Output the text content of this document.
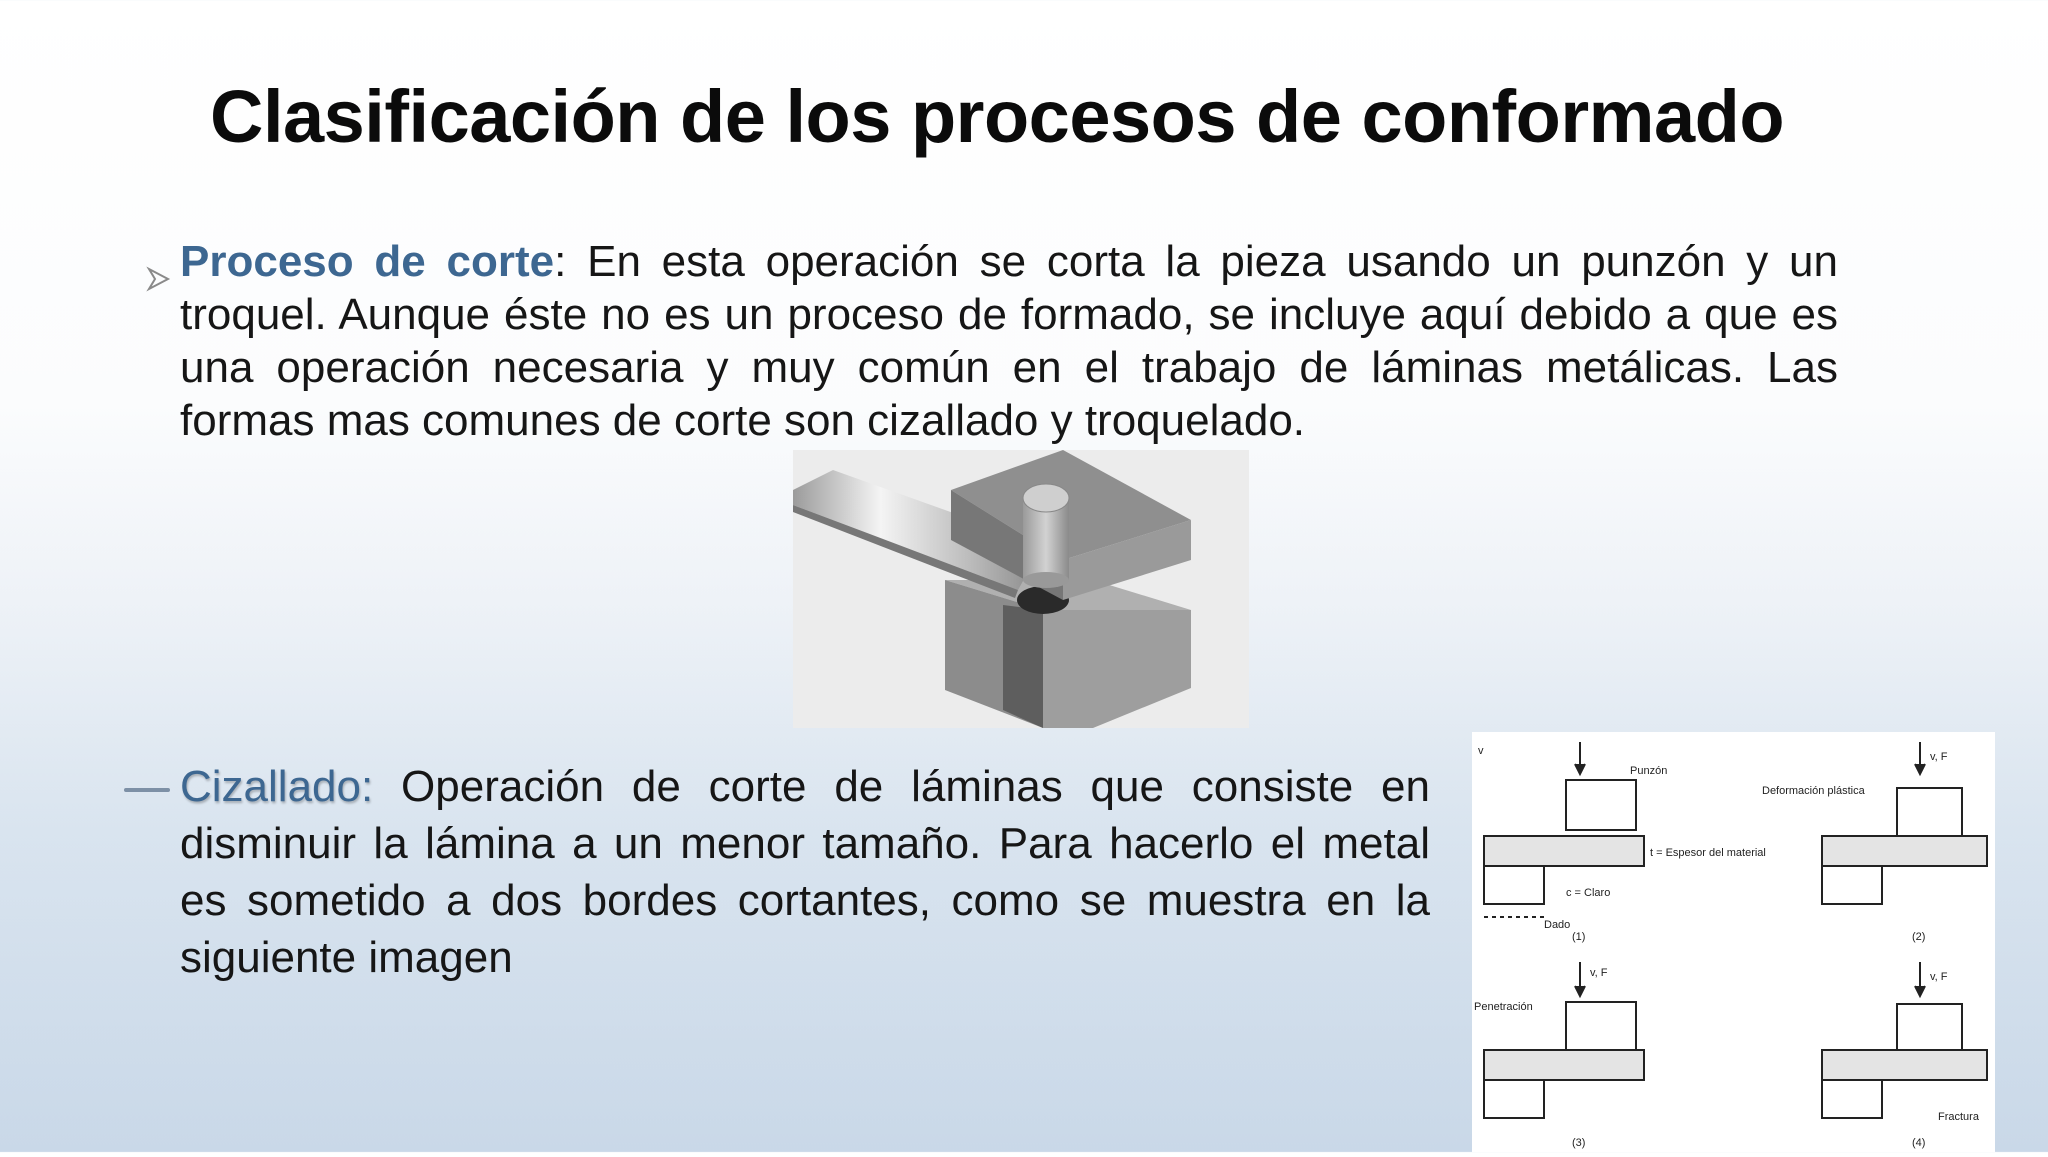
Clasificación de los procesos de conformado
Proceso de corte: En esta operación se corta la pieza usando un punzón y un troquel. Aunque éste no es un proceso de formado, se incluye aquí debido a que es una operación necesaria y muy común en el trabajo de láminas metálicas. Las formas mas comunes de corte son cizallado y troquelado.
Cizallado: Operación de corte de láminas que consiste en disminuir la lámina a un menor tamaño. Para hacerlo el metal es sometido a dos bordes cortantes, como se muestra en la siguiente imagen
v
Punzón
t = Espesor del material
c = Claro
Dado
(1)
v, F
Deformación plástica
(2)
v, F
Penetración
(3)
v, F
Fractura
(4)
